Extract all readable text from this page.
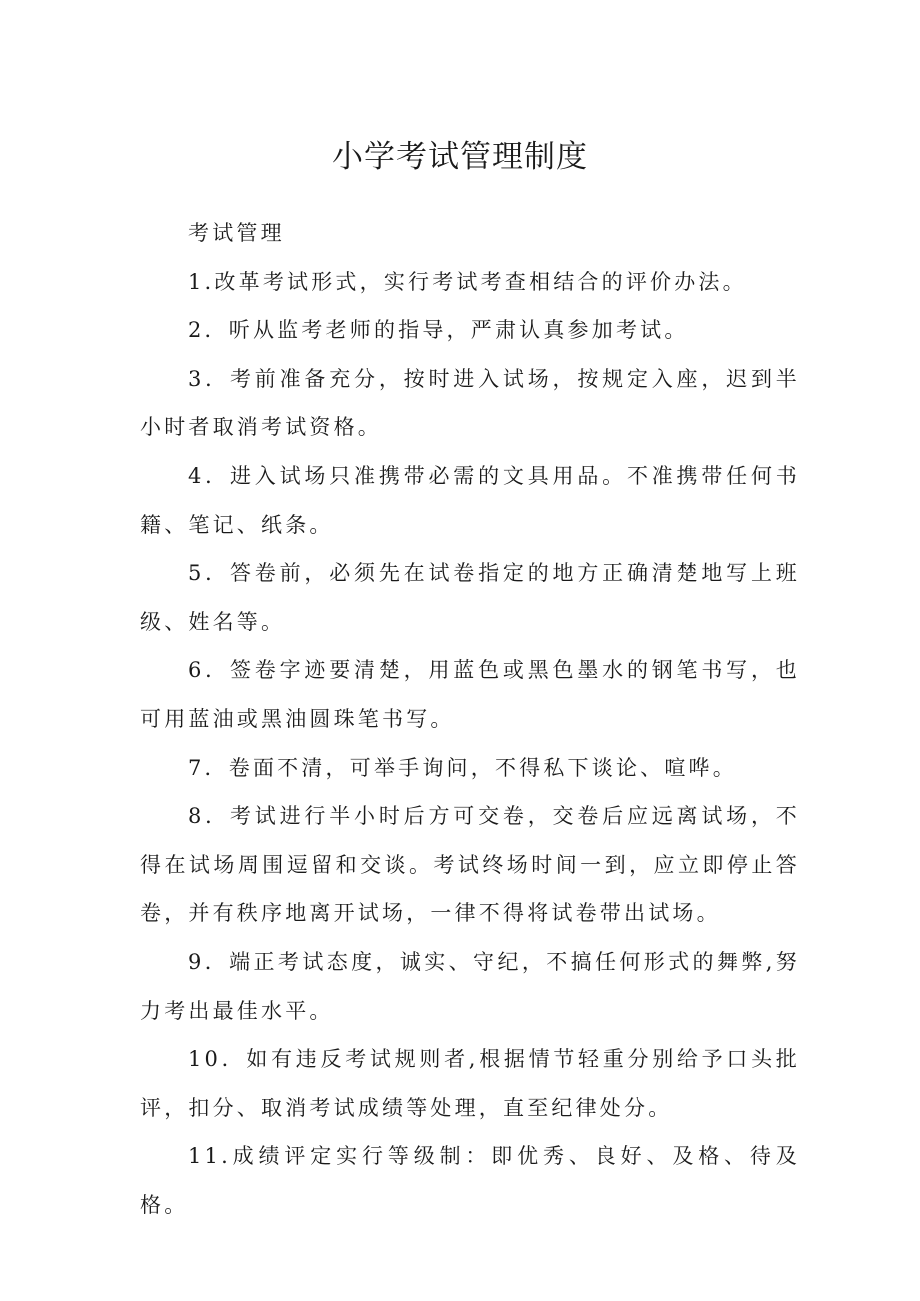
小学考试管理制度

考试管理

1.改革考试形式，实行考试考查相结合的评价办法。

2．听从监考老师的指导，严肃认真参加考试。

3．考前准备充分，按时进入试场，按规定入座，迟到半小时者取消考试资格。

4．进入试场只准携带必需的文具用品。不准携带任何书籍、笔记、纸条。

5．答卷前，必须先在试卷指定的地方正确清楚地写上班级、姓名等。

6．签卷字迹要清楚，用蓝色或黑色墨水的钢笔书写，也可用蓝油或黑油圆珠笔书写。

7．卷面不清，可举手询问，不得私下谈论、喧哗。

8．考试进行半小时后方可交卷，交卷后应远离试场，不得在试场周围逗留和交谈。考试终场时间一到，应立即停止答卷，并有秩序地离开试场，一律不得将试卷带出试场。

9．端正考试态度，诚实、守纪，不搞任何形式的舞弊,努力考出最佳水平。

10．如有违反考试规则者,根据情节轻重分别给予口头批评，扣分、取消考试成绩等处理，直至纪律处分。

11.成绩评定实行等级制：即优秀、良好、及格、待及格。
